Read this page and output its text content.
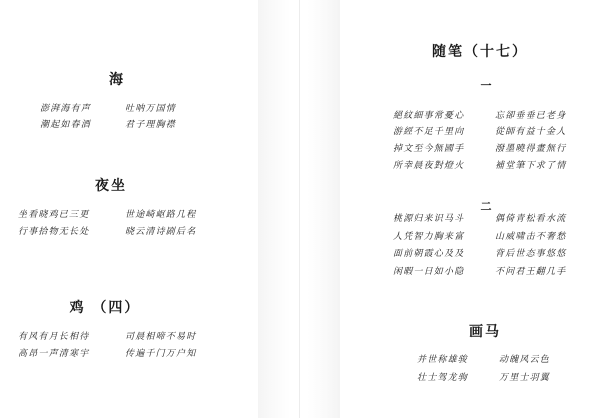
海

澎湃海有声	吐呐万国情

潮起如春酒	君子理胸襟

夜坐

坐看晓鸡已三更	世途崎岖路几程

行事拾物无长处	晓云清诗剧后名

鸡 （四）

有风有月长相待	司晨相啼不易时

高昂一声清寒宇	传遍千门万户知

随笔（十七）
一

絕紋細事常憂心	忘卻垂垂已老身

游經不足千里向	從師有益十金人

掉文至今無國手	潑墨曉得畫無行

所幸晨夜對燈火	補堂筆下求了情

二

桃源归来识马斗	偶倚青松看水流

人凭智力胸来富	山威啸击不奢愁

面前朝霞心及及	背后世态事悠悠

闲暇一日如小隐	不问君王翻几手

画马

并世称雄骏	动魄风云色

壮士驾龙驹	万里士羽翼
